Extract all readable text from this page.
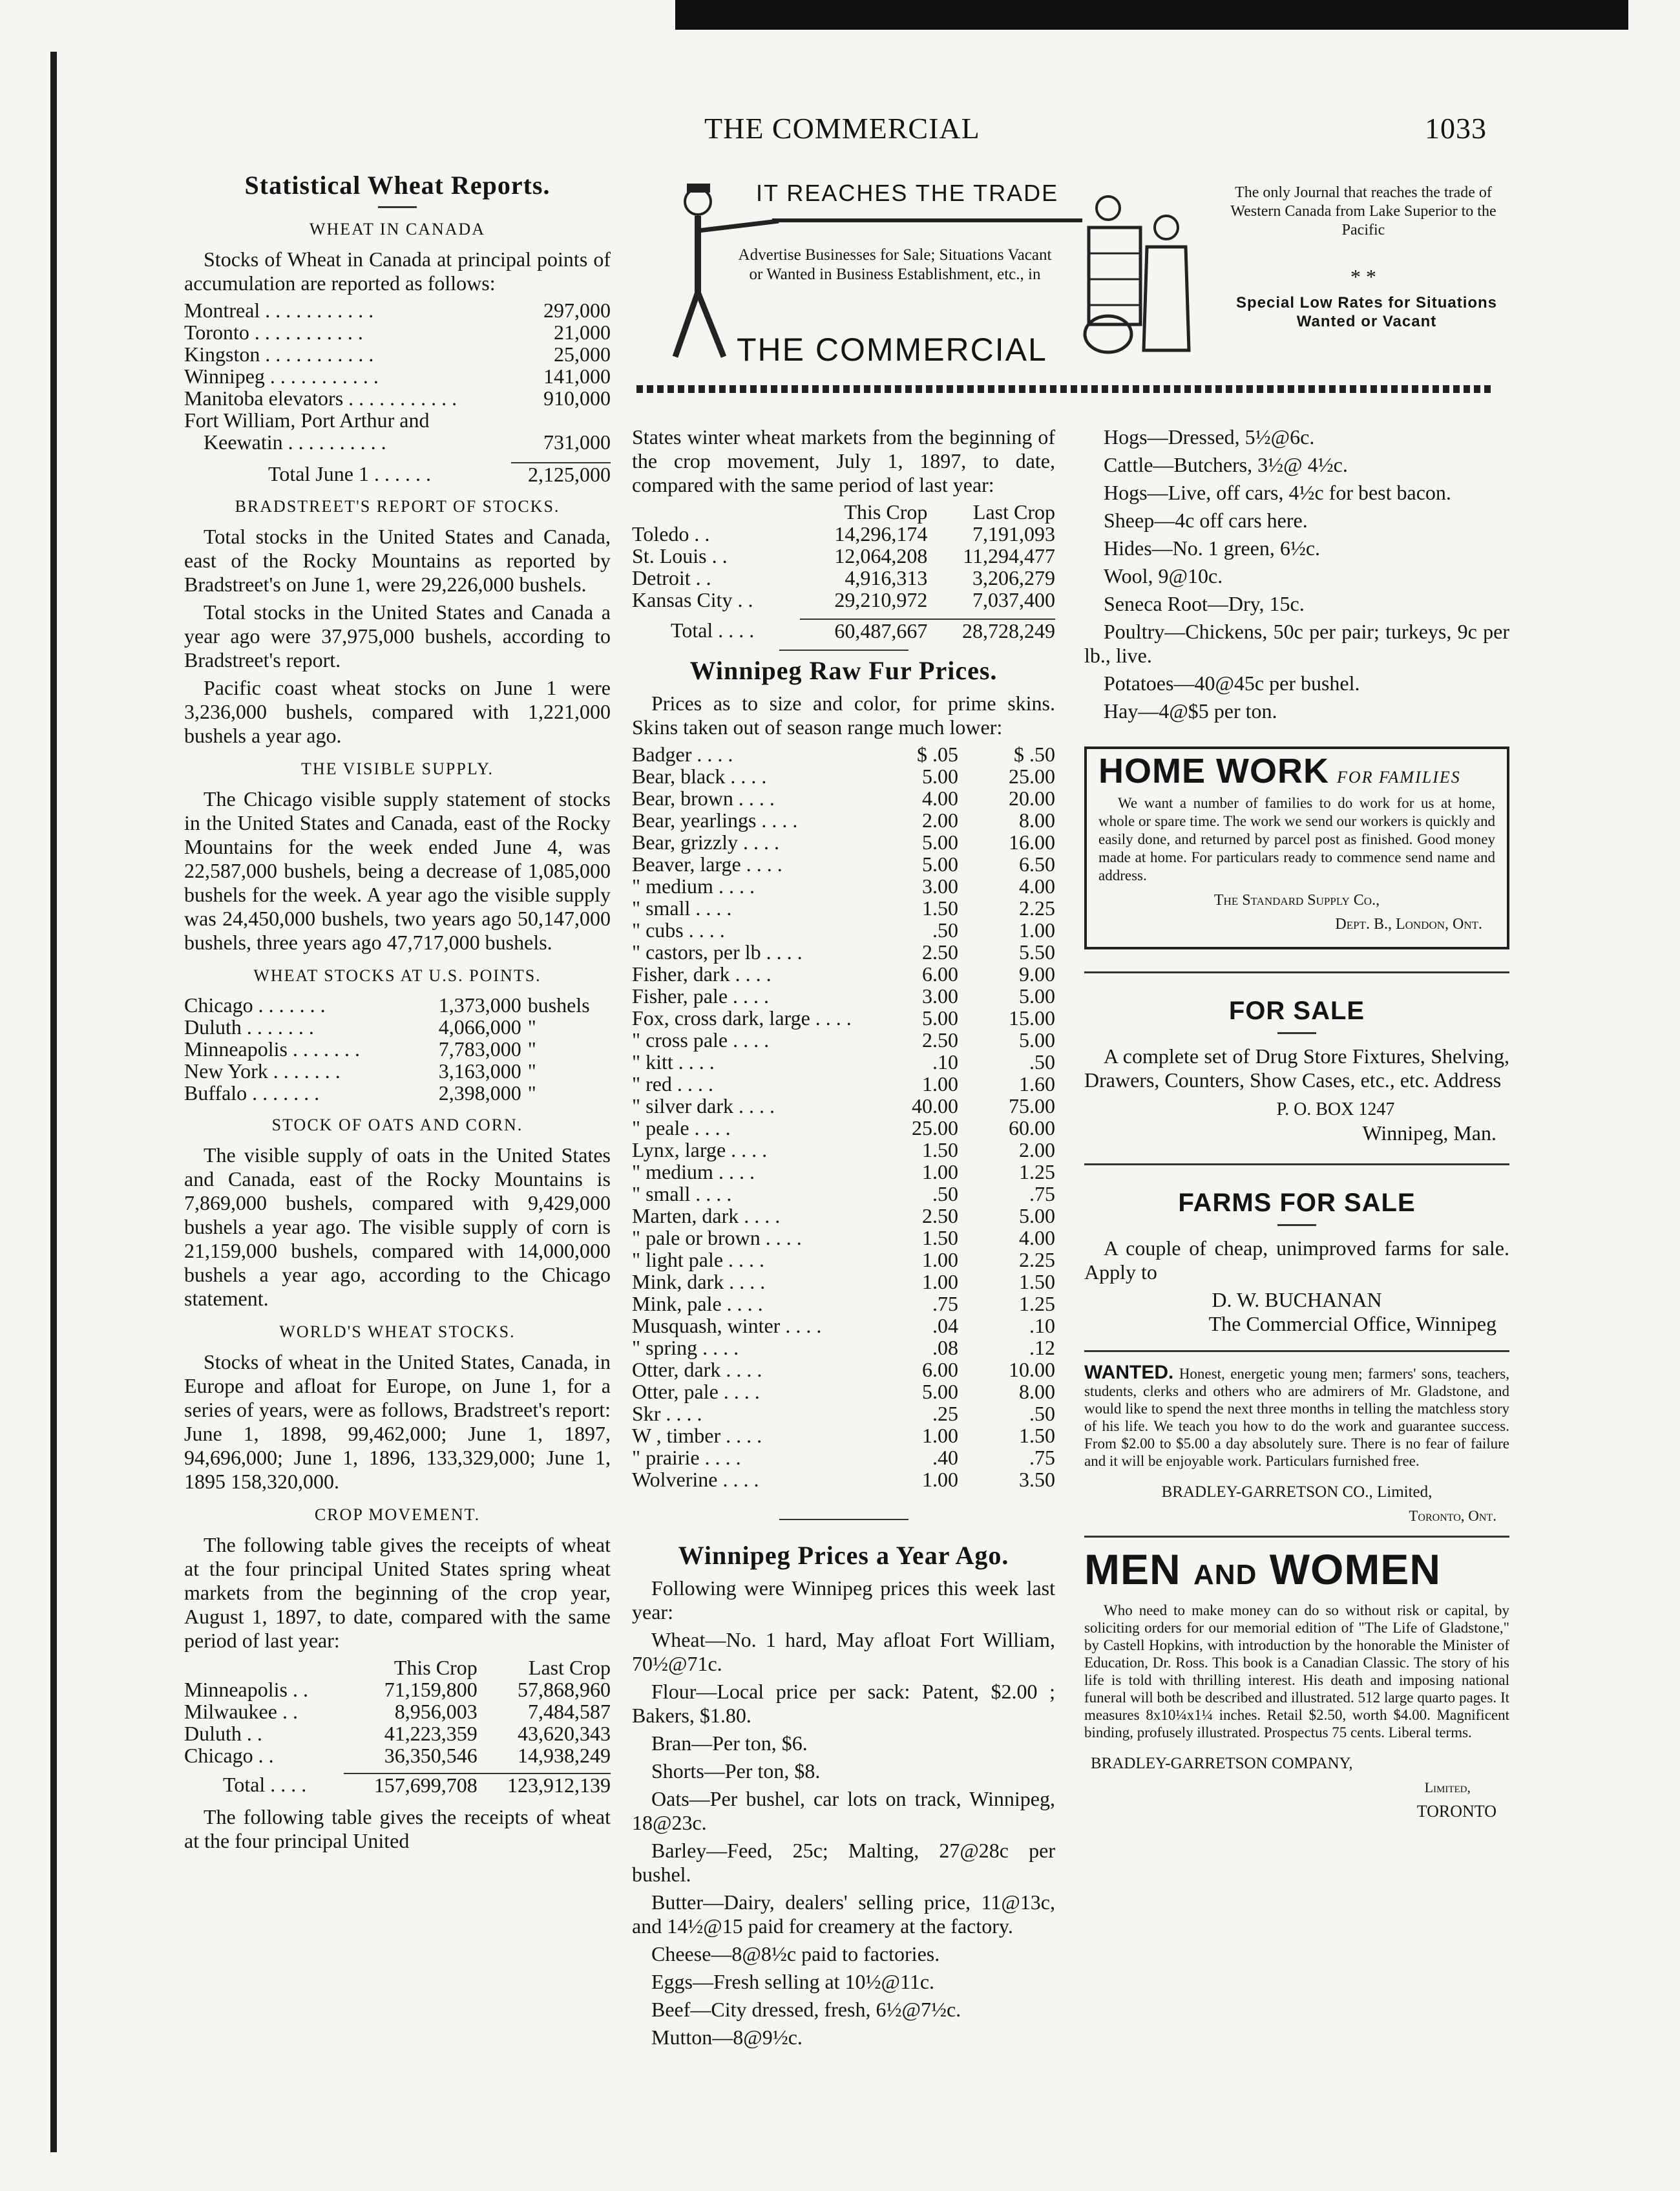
THE COMMERCIAL	1033
Statistical Wheat Reports.
WHEAT IN CANADA

Stocks of Wheat in Canada at principal points of accumulation are reported as follows:

Montreal . . . . . . . . . . .	297,000
Toronto . . . . . . . . . . .	21,000
Kingston . . . . . . . . . . .	25,000
Winnipeg . . . . . . . . . . .	141,000
Manitoba elevators . . . . . . . . . . .	910,000
Fort William, Port Arthur and	
Keewatin . . . . . . . . . .	731,000

Total June 1 . . . . . .	2,125,000
BRADSTREET'S REPORT OF STOCKS.

Total stocks in the United States and Canada, east of the Rocky Mountains as reported by Bradstreet's on June 1, were 29,226,000 bushels.

Total stocks in the United States and Canada a year ago were 37,975,000 bushels, according to Bradstreet's report.

Pacific coast wheat stocks on June 1 were 3,236,000 bushels, compared with 1,221,000 bushels a year ago.

THE VISIBLE SUPPLY.

The Chicago visible supply statement of stocks in the United States and Canada, east of the Rocky Mountains for the week ended June 4, was 22,587,000 bushels, being a decrease of 1,085,000 bushels for the week. A year ago the visible supply was 24,450,000 bushels, two years ago 50,147,000 bushels, three years ago 47,717,000 bushels.

WHEAT STOCKS AT U.S. POINTS.
Chicago . . . . . . .	1,373,000	bushels
Duluth . . . . . . .	4,066,000	"
Minneapolis . . . . . . .	7,783,000	"
New York . . . . . . .	3,163,000	"
Buffalo . . . . . . .	2,398,000	"
STOCK OF OATS AND CORN.

The visible supply of oats in the United States and Canada, east of the Rocky Mountains is 7,869,000 bushels, compared with 9,429,000 bushels a year ago. The visible supply of corn is 21,159,000 bushels, compared with 14,000,000 bushels a year ago, according to the Chicago statement.

WORLD'S WHEAT STOCKS.

Stocks of wheat in the United States, Canada, in Europe and afloat for Europe, on June 1, for a series of years, were as follows, Bradstreet's report: June 1, 1898, 99,462,000; June 1, 1897, 94,696,000; June 1, 1896, 133,329,000; June 1, 1895 158,320,000.

CROP MOVEMENT.

The following table gives the receipts of wheat at the four principal United States spring wheat markets from the beginning of the crop year, August 1, 1897, to date, compared with the same period of last year:

	This Crop	Last Crop
Minneapolis . .	71,159,800	57,868,960
Milwaukee . .	8,956,003	7,484,587
Duluth . .	41,223,359	43,620,343
Chicago . .	36,350,546	14,938,249

Total . . . .	157,699,708	123,912,139

The following table gives the receipts of wheat at the four principal United

IT REACHES THE TRADE
Advertise Businesses for Sale; Situations Vacant or Wanted in Business Establishment, etc., in
THE COMMERCIAL
The only Journal that reaches the trade of Western Canada from Lake Superior to the Pacific
* *
Special Low Rates for Situations Wanted or Vacant

States winter wheat markets from the beginning of the crop movement, July 1, 1897, to date, compared with the same period of last year:

	This Crop	Last Crop
Toledo . .	14,296,174	7,191,093
St. Louis . .	12,064,208	11,294,477
Detroit . .	4,916,313	3,206,279
Kansas City . .	29,210,972	7,037,400

Total . . . .	60,487,667	28,728,249
Winnipeg Raw Fur Prices.

Prices as to size and color, for prime skins. Skins taken out of season range much lower:

Badger . . . .	$ .05	$ .50
Bear, black . . . .	5.00	25.00
Bear, brown . . . .	4.00	20.00
Bear, yearlings . . . .	2.00	8.00
Bear, grizzly . . . .	5.00	16.00
Beaver, large . . . .	5.00	6.50
" medium . . . .	3.00	4.00
" small . . . .	1.50	2.25
" cubs . . . .	.50	1.00
" castors, per lb . . . .	2.50	5.50
Fisher, dark . . . .	6.00	9.00
Fisher, pale . . . .	3.00	5.00
Fox, cross dark, large . . . .	5.00	15.00
" cross pale . . . .	2.50	5.00
" kitt . . . .	.10	.50
" red . . . .	1.00	1.60
" silver dark . . . .	40.00	75.00
" peale . . . .	25.00	60.00
Lynx, large . . . .	1.50	2.00
" medium . . . .	1.00	1.25
" small . . . .	.50	.75
Marten, dark . . . .	2.50	5.00
" pale or brown . . . .	1.50	4.00
" light pale . . . .	1.00	2.25
Mink, dark . . . .	1.00	1.50
Mink, pale . . . .	.75	1.25
Musquash, winter . . . .	.04	.10
" spring . . . .	.08	.12
Otter, dark . . . .	6.00	10.00
Otter, pale . . . .	5.00	8.00
Skr . . . .	.25	.50
W , timber . . . .	1.00	1.50
" prairie . . . .	.40	.75
Wolverine . . . .	1.00	3.50
Winnipeg Prices a Year Ago.

Following were Winnipeg prices this week last year:

Wheat—No. 1 hard, May afloat Fort William, 70½@71c.

Flour—Local price per sack: Patent, $2.00 ; Bakers, $1.80.

Bran—Per ton, $6.

Shorts—Per ton, $8.

Oats—Per bushel, car lots on track, Winnipeg, 18@23c.

Barley—Feed, 25c; Malting, 27@28c per bushel.

Butter—Dairy, dealers' selling price, 11@13c, and 14½@15 paid for creamery at the factory.

Cheese—8@8½c paid to factories.

Eggs—Fresh selling at 10½@11c.

Beef—City dressed, fresh, 6½@7½c.

Mutton—8@9½c.

Hogs—Dressed, 5½@6c.

Cattle—Butchers, 3½@ 4½c.

Hogs—Live, off cars, 4½c for best bacon.

Sheep—4c off cars here.

Hides—No. 1 green, 6½c.

Wool, 9@10c.

Seneca Root—Dry, 15c.

Poultry—Chickens, 50c per pair; turkeys, 9c per lb., live.

Potatoes—40@45c per bushel.

Hay—4@$5 per ton.

HOME WORK FOR FAMILIES

We want a number of families to do work for us at home, whole or spare time. The work we send our workers is quickly and easily done, and returned by parcel post as finished. Good money made at home. For particulars ready to commence send name and address.

The Standard Supply Co.,
Dept. B., London, Ont.
FOR SALE

A complete set of Drug Store Fixtures, Shelving, Drawers, Counters, Show Cases, etc., etc. Address

P. O. BOX 1247
Winnipeg, Man.
FARMS FOR SALE

A couple of cheap, unimproved farms for sale. Apply to

D. W. BUCHANAN
The Commercial Office, Winnipeg

WANTED. Honest, energetic young men; farmers' sons, teachers, students, clerks and others who are admirers of Mr. Gladstone, and would like to spend the next three months in telling the matchless story of his life. We teach you how to do the work and guarantee success. From $2.00 to $5.00 a day absolutely sure. There is no fear of failure and it will be enjoyable work. Particulars furnished free.

BRADLEY-GARRETSON CO., Limited,
Toronto, Ont.
MEN AND WOMEN

Who need to make money can do so without risk or capital, by soliciting orders for our memorial edition of "The Life of Gladstone," by Castell Hopkins, with introduction by the honorable the Minister of Education, Dr. Ross. This book is a Canadian Classic. The story of his life is told with thrilling interest. His death and imposing national funeral will both be described and illustrated. 512 large quarto pages. It measures 8x10¼x1¼ inches. Retail $2.50, worth $4.00. Magnificent binding, profusely illustrated. Prospectus 75 cents. Liberal terms.

BRADLEY-GARRETSON COMPANY,
Limited,
TORONTO
